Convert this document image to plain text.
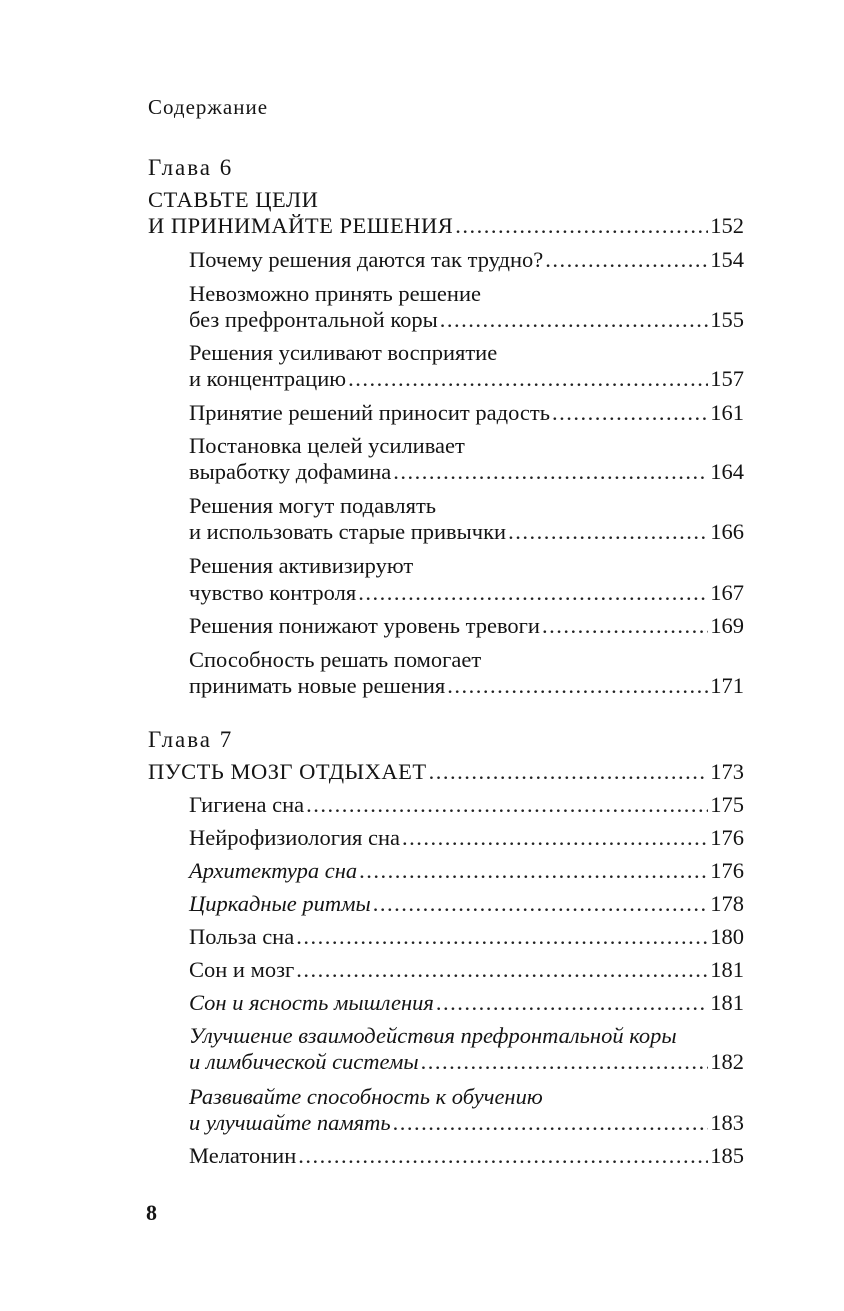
Содержание
Глава 6
СТАВЬТЕ ЦЕЛИ
И ПРИНИМАЙТЕ РЕШЕНИЯ .....	152
Почему решения даются так трудно? .....	154
Невозможно принять решение
без префронтальной коры .....	155
Решения усиливают восприятие
и концентрацию .....	157
Принятие решений приносит радость .....	161
Постановка целей усиливает
выработку дофамина .....	164
Решения могут подавлять
и использовать старые привычки .....	166
Решения активизируют
чувство контроля .....	167
Решения понижают уровень тревоги .....	169
Способность решать помогает
принимать новые решения .....	171
Глава 7
ПУСТЬ МОЗГ ОТДЫХАЕТ .....	173
Гигиена сна .....	175
Нейрофизиология сна .....	176
Архитектура сна .....	176
Циркадные ритмы .....	178
Польза сна .....	180
Сон и мозг .....	181
Сон и ясность мышления .....	181
Улучшение взаимодействия префронтальной коры
и лимбической системы .....	182
Развивайте способность к обучению
и улучшайте память .....	183
Мелатонин .....	185
8
